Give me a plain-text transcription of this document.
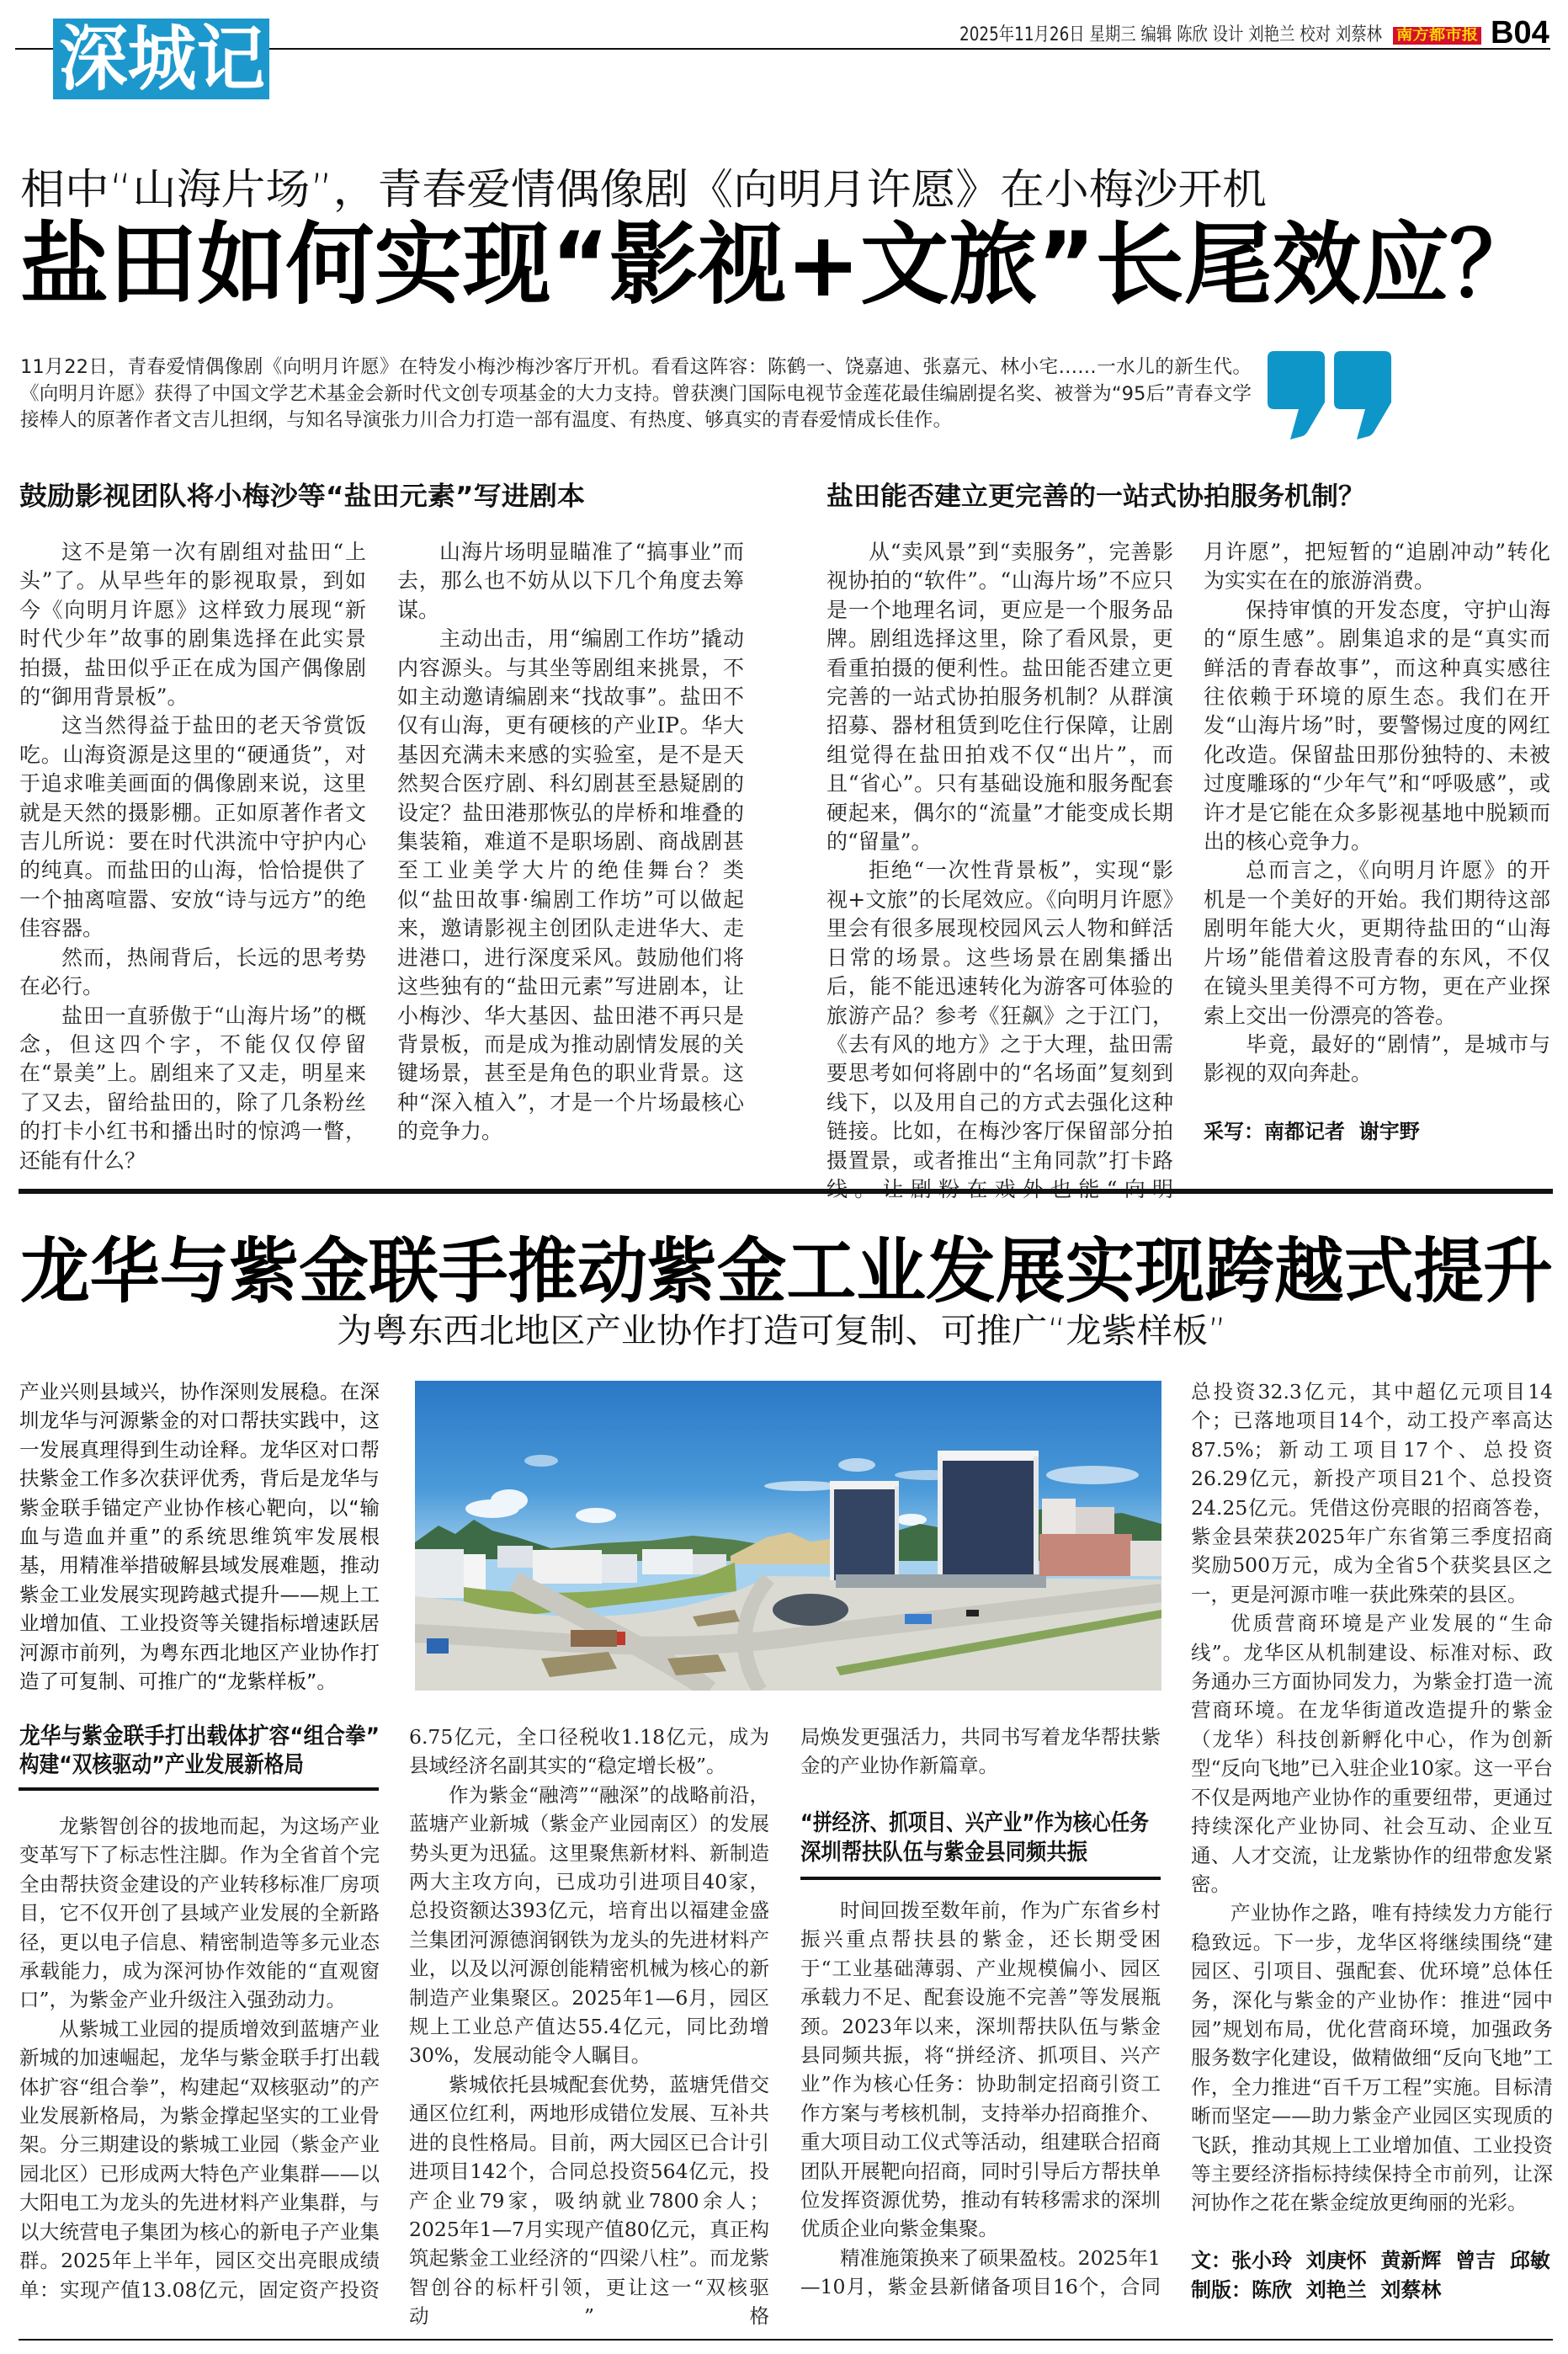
深城记	2025年11月26日 星期三 编辑 陈欣 设计 刘艳兰 校对 刘蔡林 南方都市报 B04
相中“山海片场”，青春爱情偶像剧《向明月许愿》在小梅沙开机
盐田如何实现“影视+文旅”长尾效应？

11月22日，青春爱情偶像剧《向明月许愿》在特发小梅沙梅沙客厅开机。看看这阵容：陈鹤一、饶嘉迪、张嘉元、林小宅……一水儿的新生代。《向明月许愿》获得了中国文学艺术基金会新时代文创专项基金的大力支持。曾获澳门国际电视节金莲花最佳编剧提名奖、被誉为“95后”青春文学接棒人的原著作者文吉儿担纲，与知名导演张力川合力打造一部有温度、有热度、够真实的青春爱情成长佳作。

鼓励影视团队将小梅沙等“盐田元素”写进剧本	盐田能否建立更完善的一站式协拍服务机制？

这不是第一次有剧组对盐田“上头”了。从早些年的影视取景，到如今《向明月许愿》这样致力展现“新时代少年”故事的剧集选择在此实景拍摄，盐田似乎正在成为国产偶像剧的“御用背景板”。

这当然得益于盐田的老天爷赏饭吃。山海资源是这里的“硬通货”，对于追求唯美画面的偶像剧来说，这里就是天然的摄影棚。正如原著作者文吉儿所说：要在时代洪流中守护内心的纯真。而盐田的山海，恰恰提供了一个抽离喧嚣、安放“诗与远方”的绝佳容器。

然而，热闹背后，长远的思考势在必行。

盐田一直骄傲于“山海片场”的概念，但这四个字，不能仅仅停留在“景美”上。剧组来了又走，明星来了又去，留给盐田的，除了几条粉丝的打卡小红书和播出时的惊鸿一瞥，还能有什么？

山海片场明显瞄准了“搞事业”而去，那么也不妨从以下几个角度去筹谋。

主动出击，用“编剧工作坊”撬动内容源头。与其坐等剧组来挑景，不如主动邀请编剧来“找故事”。盐田不仅有山海，更有硬核的产业IP。华大基因充满未来感的实验室，是不是天然契合医疗剧、科幻剧甚至悬疑剧的设定？盐田港那恢弘的岸桥和堆叠的集装箱，难道不是职场剧、商战剧甚至工业美学大片的绝佳舞台？类似“盐田故事·编剧工作坊”可以做起来，邀请影视主创团队走进华大、走进港口，进行深度采风。鼓励他们将这些独有的“盐田元素”写进剧本，让小梅沙、华大基因、盐田港不再只是背景板，而是成为推动剧情发展的关键场景，甚至是角色的职业背景。这种“深入植入”，才是一个片场最核心的竞争力。

从“卖风景”到“卖服务”，完善影视协拍的“软件”。“山海片场”不应只是一个地理名词，更应是一个服务品牌。剧组选择这里，除了看风景，更看重拍摄的便利性。盐田能否建立更完善的一站式协拍服务机制？从群演招募、器材租赁到吃住行保障，让剧组觉得在盐田拍戏不仅“出片”，而且“省心”。只有基础设施和服务配套硬起来，偶尔的“流量”才能变成长期的“留量”。

拒绝“一次性背景板”，实现“影视+文旅”的长尾效应。《向明月许愿》里会有很多展现校园风云人物和鲜活日常的场景。这些场景在剧集播出后，能不能迅速转化为游客可体验的旅游产品？参考《狂飙》之于江门，《去有风的地方》之于大理，盐田需要思考如何将剧中的“名场面”复刻到线下，以及用自己的方式去强化这种链接。比如，在梅沙客厅保留部分拍摄置景，或者推出“主角同款”打卡路

月许愿”，把短暂的“追剧冲动”转化为实实在在的旅游消费。

保持审慎的开发态度，守护山海的“原生感”。剧集追求的是“真实而鲜活的青春故事”，而这种真实感往往依赖于环境的原生态。我们在开发“山海片场”时，要警惕过度的网红化改造。保留盐田那份独特的、未被过度雕琢的“少年气”和“呼吸感”，或许才是它能在众多影视基地中脱颖而出的核心竞争力。

总而言之，《向明月许愿》的开机是一个美好的开始。我们期待这部剧明年能大火，更期待盐田的“山海片场”能借着这股青春的东风，不仅在镜头里美得不可方物，更在产业探索上交出一份漂亮的答卷。

毕竟，最好的“剧情”，是城市与影视的双向奔赴。

采写：南都记者  谢宇野
龙华与紫金联手推动紫金工业发展实现跨越式提升
为粤东西北地区产业协作打造可复制、可推广“龙紫样板”

产业兴则县域兴，协作深则发展稳。在深圳龙华与河源紫金的对口帮扶实践中，这一发展真理得到生动诠释。龙华区对口帮扶紫金工作多次获评优秀，背后是龙华与紫金联手锚定产业协作核心靶向，以“输血与造血并重”的系统思维筑牢发展根基，用精准举措破解县域发展难题，推动紫金工业发展实现跨越式提升——规上工业增加值、工业投资等关键指标增速跃居河源市前列，为粤东西北地区产业协作打造了可复制、可推广的“龙紫样板”。

龙华与紫金联手打出载体扩容“组合拳”
构建“双核驱动”产业发展新格局

龙紫智创谷的拔地而起，为这场产业变革写下了标志性注脚。作为全省首个完全由帮扶资金建设的产业转移标准厂房项目，它不仅开创了县域产业发展的全新路径，更以电子信息、精密制造等多元业态承载能力，成为深河协作效能的“直观窗口”，为紫金产业升级注入强劲动力。

从紫城工业园的提质增效到蓝塘产业新城的加速崛起，龙华与紫金联手打出载体扩容“组合拳”，构建起“双核驱动”的产业发展新格局，为紫金撑起坚实的工业骨架。分三期建设的紫城工业园（紫金产业园北区）已形成两大特色产业集群——以大阳电工为龙头的先进材料产业集群，与以大统营电子集团为核心的新电子产业集群。2025年上半年，园区交出亮眼成绩单：实现产值13.08亿元，固定资产投资

6.75亿元，全口径税收1.18亿元，成为县域经济名副其实的“稳定增长极”。

作为紫金“融湾”“融深”的战略前沿，蓝塘产业新城（紫金产业园南区）的发展势头更为迅猛。这里聚焦新材料、新制造两大主攻方向，已成功引进项目40家，总投资额达393亿元，培育出以福建金盛兰集团河源德润钢铁为龙头的先进材料产业，以及以河源创能精密机械为核心的新制造产业集聚区。2025年1—6月，园区规上工业总产值达55.4亿元，同比劲增30%，发展动能令人瞩目。

紫城依托县城配套优势，蓝塘凭借交通区位红利，两地形成错位发展、互补共进的良性格局。目前，两大园区已合计引进项目142个，合同总投资564亿元，投产企业79家，吸纳就业7800余人；2025年1—7月实现产值80亿元，真正构筑起紫金工业经济的“四梁八柱”。而龙紫智创谷的标杆引领，更让这一“双核驱动”格

局焕发更强活力，共同书写着龙华帮扶紫金的产业协作新篇章。

“拼经济、抓项目、兴产业”作为核心任务
深圳帮扶队伍与紫金县同频共振

时间回拨至数年前，作为广东省乡村振兴重点帮扶县的紫金，还长期受困于“工业基础薄弱、产业规模偏小、园区承载力不足、配套设施不完善”等发展瓶颈。2023年以来，深圳帮扶队伍与紫金县同频共振，将“拼经济、抓项目、兴产业”作为核心任务：协助制定招商引资工作方案与考核机制，支持举办招商推介、重大项目动工仪式等活动，组建联合招商团队开展靶向招商，同时引导后方帮扶单位发挥资源优势，推动有转移需求的深圳优质企业向紫金集聚。

精准施策换来了硕果盈枝。2025年1—10月，紫金县新储备项目16个，合同

总投资32.3亿元，其中超亿元项目14个；已落地项目14个，动工投产率高达87.5%；新动工项目17个、总投资26.29亿元，新投产项目21个、总投资24.25亿元。凭借这份亮眼的招商答卷，紫金县荣获2025年广东省第三季度招商奖励500万元，成为全省5个获奖县区之一，更是河源市唯一获此殊荣的县区。

优质营商环境是产业发展的“生命线”。龙华区从机制建设、标准对标、政务通办三方面协同发力，为紫金打造一流营商环境。在龙华街道改造提升的紫金（龙华）科技创新孵化中心，作为创新型“反向飞地”已入驻企业10家。这一平台不仅是两地产业协作的重要纽带，更通过持续深化产业协同、社会互动、企业互通、人才交流，让龙紫协作的纽带愈发紧密。

产业协作之路，唯有持续发力方能行稳致远。下一步，龙华区将继续围绕“建园区、引项目、强配套、优环境”总体任务，深化与紫金的产业协作：推进“园中园”规划布局，优化营商环境，加强政务服务数字化建设，做精做细“反向飞地”工作，全力推进“百千万工程”实施。目标清晰而坚定——助力紫金产业园区实现质的飞跃，推动其规上工业增加值、工业投资等主要经济指标持续保持全市前列，让深河协作之花在紫金绽放更绚丽的光彩。

文：张小玲  刘庚怀  黄新辉  曾吉  邱敏
制版：陈欣  刘艳兰  刘蔡林
